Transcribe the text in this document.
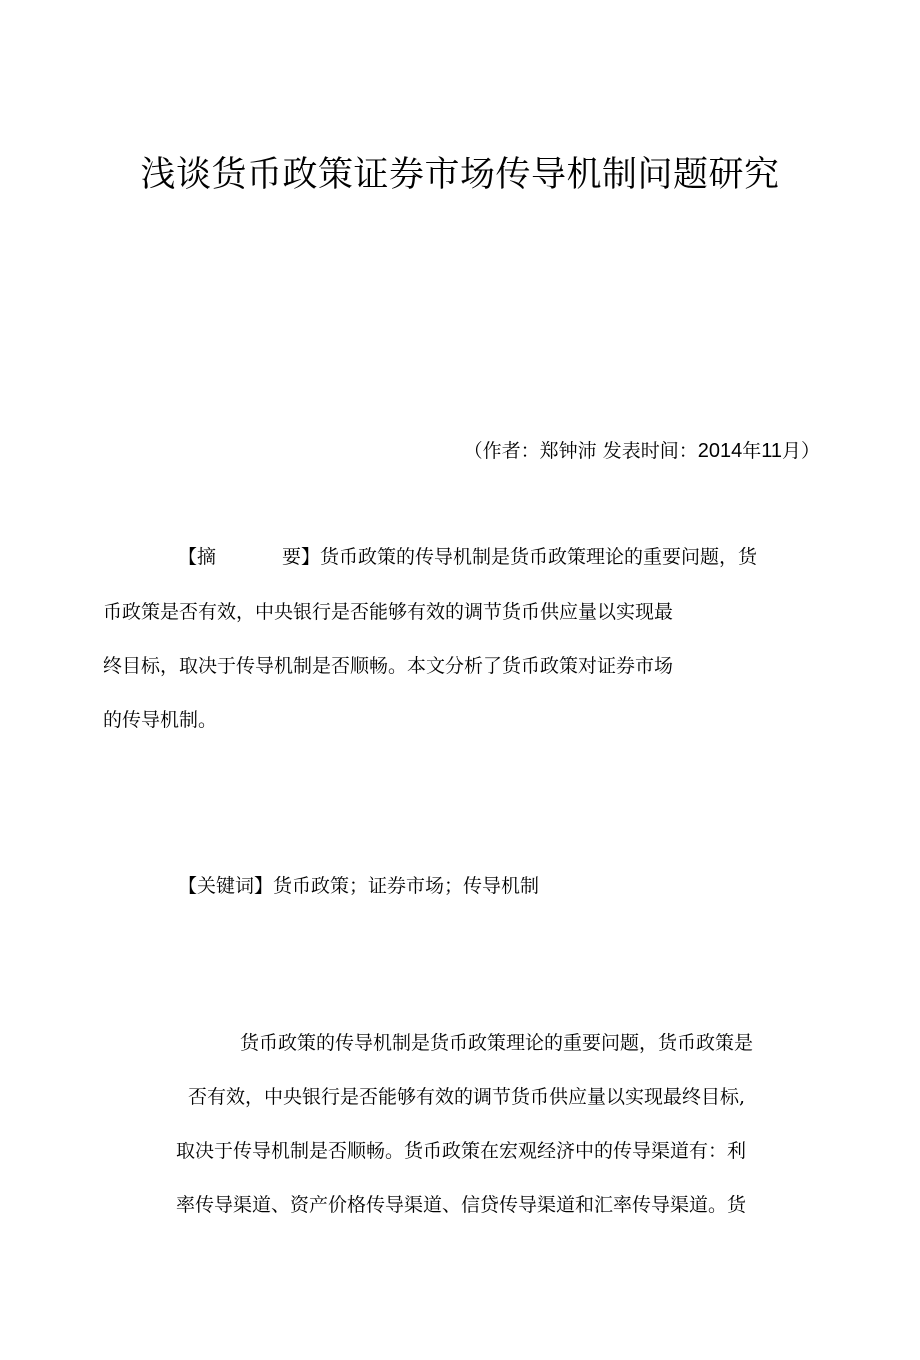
浅谈货币政策证券市场传导机制问题研究
（作者：郑钟沛 发表时间：2014年11月）
【摘	要】货币政策的传导机制是货币政策理论的重要问题，货
币政策是否有效，中央银行是否能够有效的调节货币供应量以实现最
终目标，取决于传导机制是否顺畅。本文分析了货币政策对证券市场
的传导机制。
【关键词】货币政策；证券市场；传导机制
货币政策的传导机制是货币政策理论的重要问题，货币政策是
否有效，中央银行是否能够有效的调节货币供应量以实现最终目标,
取决于传导机制是否顺畅。货币政策在宏观经济中的传导渠道有：利
率传导渠道、资产价格传导渠道、信贷传导渠道和汇率传导渠道。货
